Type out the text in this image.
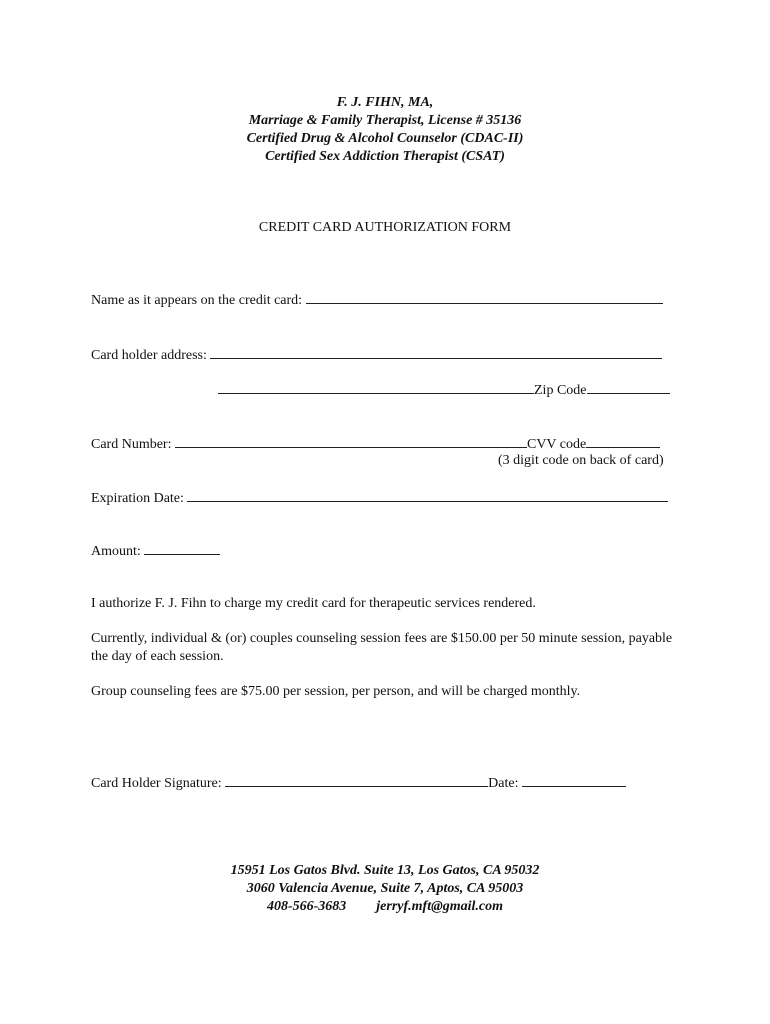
F. J. FIHN, MA,
Marriage & Family Therapist, License # 35136
Certified Drug & Alcohol Counselor (CDAC-II)
Certified Sex Addiction Therapist (CSAT)
CREDIT CARD AUTHORIZATION FORM
Name as it appears on the credit card:
Card holder address:
Zip Code
Card Number:	CVV code
(3 digit code on back of card)
Expiration Date:
Amount:
I authorize F. J. Fihn to charge my credit card for therapeutic services rendered.
Currently, individual & (or) couples counseling session fees are $150.00 per 50 minute session, payable the day of each session.
Group counseling fees are $75.00 per session, per person, and will be charged monthly.
Card Holder Signature:	Date:
15951 Los Gatos Blvd. Suite 13, Los Gatos, CA 95032
3060 Valencia Avenue, Suite 7, Aptos, CA 95003
408-566-3683 jerryf.mft@gmail.com
